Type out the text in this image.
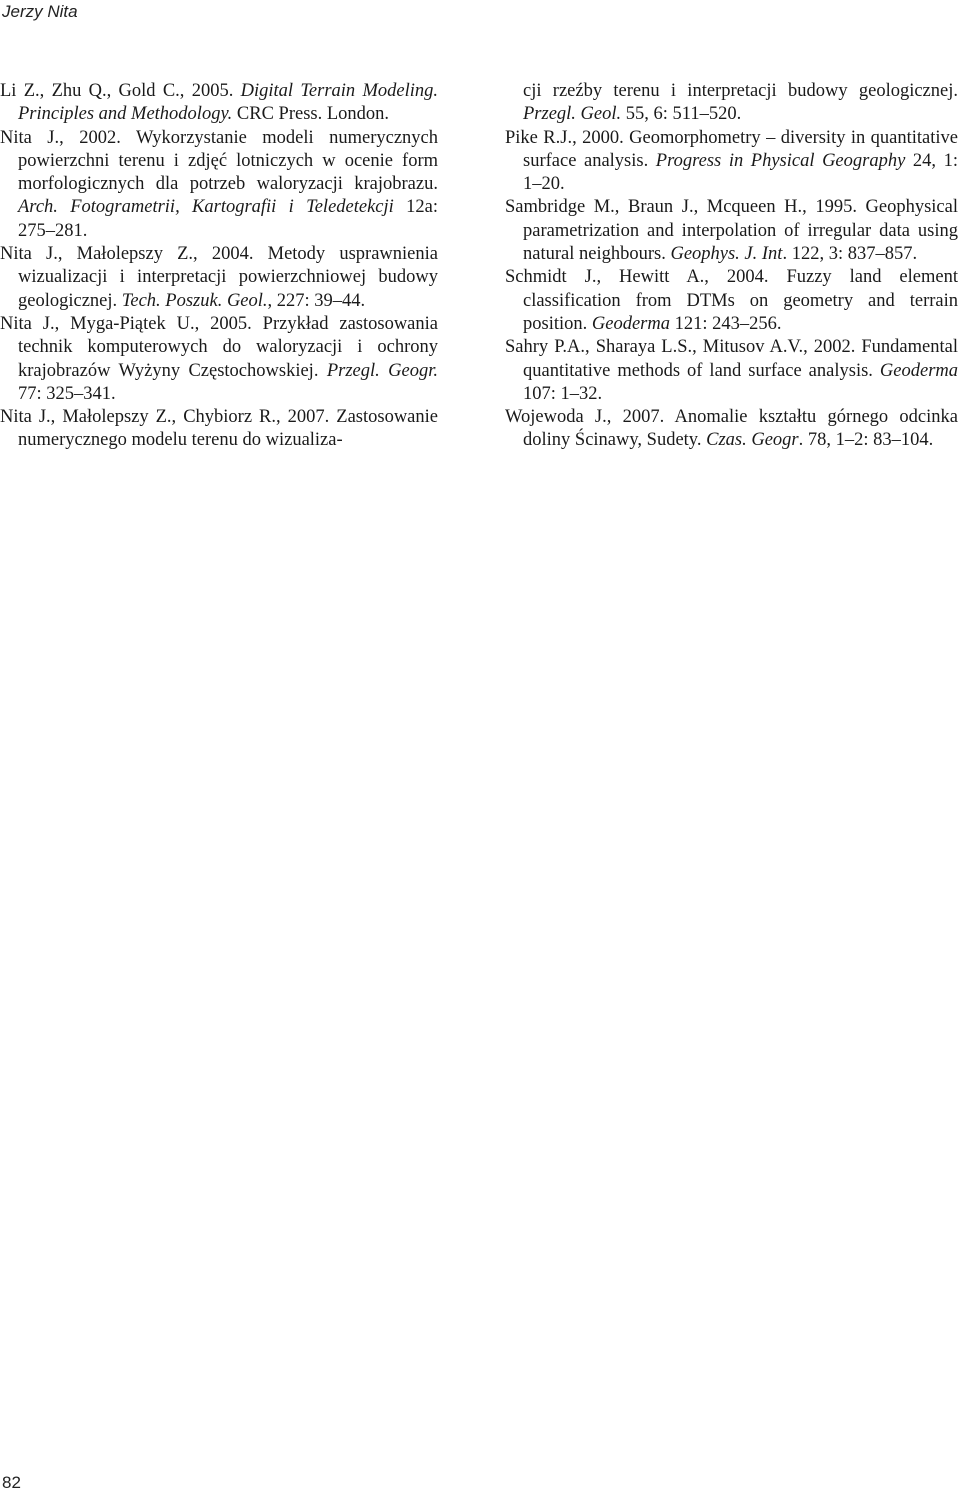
Jerzy Nita

Li Z., Zhu Q., Gold C., 2005. Digital Terrain Modeling. Principles and Methodology. CRC Press. London.

Nita J., 2002. Wykorzystanie modeli numerycznych powierzchni terenu i zdjęć lotniczych w ocenie form morfologicznych dla potrzeb waloryzacji krajobrazu. Arch. Fotogrametrii, Kartografii i Teledetekcji 12a: 275–281.

Nita J., Małolepszy Z., 2004. Metody usprawnienia wizualizacji i interpretacji powierzchniowej budowy geologicznej. Tech. Poszuk. Geol., 227: 39–44.

Nita J., Myga-Piątek U., 2005. Przykład zastosowania technik komputerowych do waloryzacji i ochrony krajobrazów Wyżyny Częstochowskiej. Przegl. Geogr. 77: 325–341.

Nita J., Małolepszy Z., Chybiorz R., 2007. Zastosowanie numerycznego modelu terenu do wizualiza-

cji rzeźby terenu i interpretacji budowy geologicznej. Przegl. Geol. 55, 6: 511–520.

Pike R.J., 2000. Geomorphometry – diversity in quantitative surface analysis. Progress in Physical Geography 24, 1: 1–20.

Sambridge M., Braun J., Mcqueen H., 1995. Geophysical parametrization and interpolation of irregular data using natural neighbours. Geophys. J. Int. 122, 3: 837–857.

Schmidt J., Hewitt A., 2004. Fuzzy land element classification from DTMs on geometry and terrain position. Geoderma 121: 243–256.

Sahry P.A., Sharaya L.S., Mitusov A.V., 2002. Fundamental quantitative methods of land surface analysis. Geoderma 107: 1–32.

Wojewoda J., 2007. Anomalie kształtu górnego odcinka doliny Ścinawy, Sudety. Czas. Geogr. 78, 1–2: 83–104.

82
